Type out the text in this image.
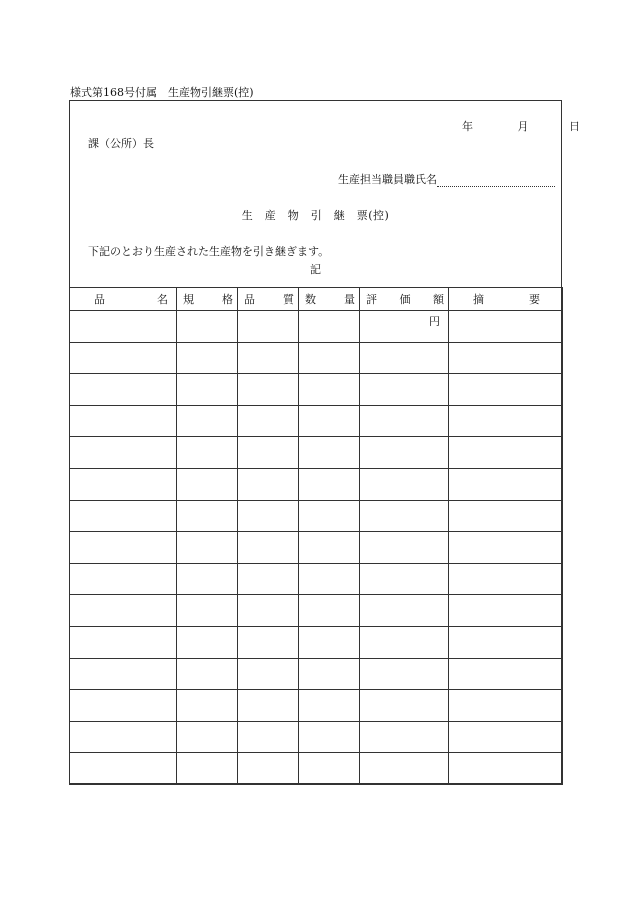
様式第168号付属　生産物引継票(控)
年	月	日
課（公所）長
生産担当職員職氏名
生　産　物　引　継　票(控)
下記のとおり生産された生産物を引き継ぎます。
記
品 名	規 格	品 質	数 量	評 価 額	摘 要

				円	
